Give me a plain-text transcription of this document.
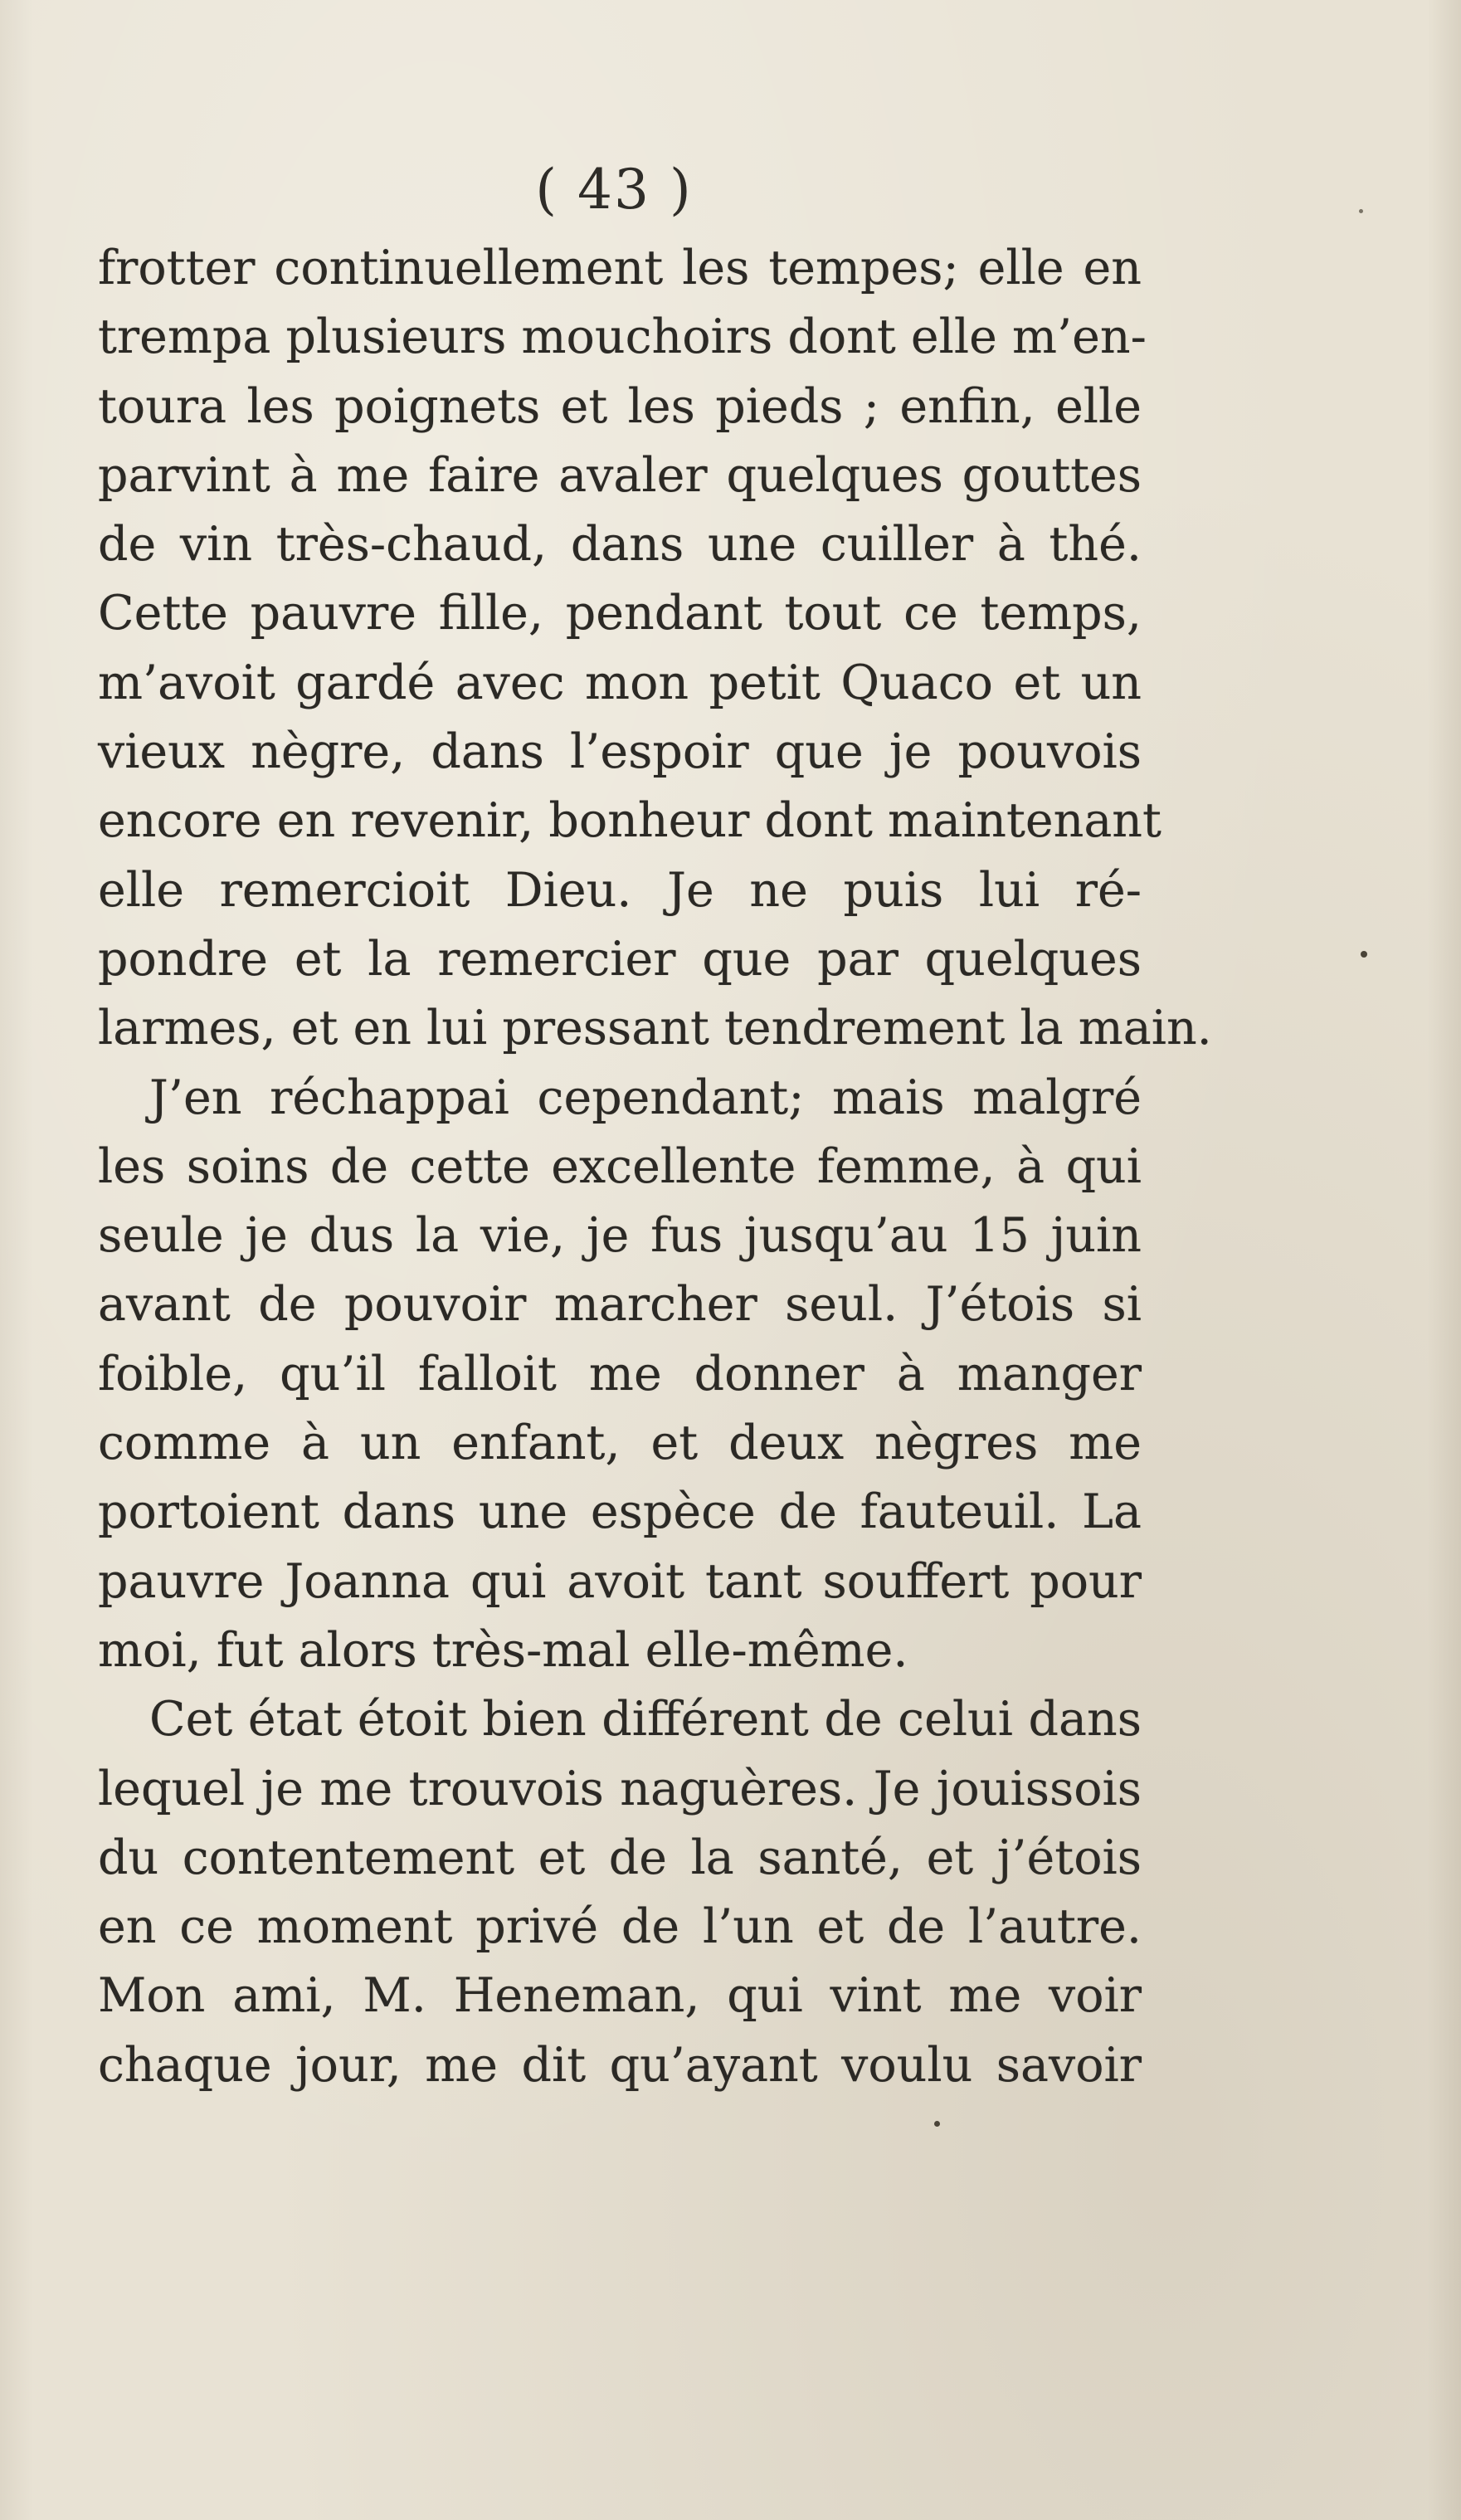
( 43 )
frotter continuellement les tempes; elle en
trempa plusieurs mouchoirs dont elle m’en-
toura les poignets et les pieds ; enfin, elle
parvint à me faire avaler quelques gouttes
de vin très-chaud, dans une cuiller à thé.
Cette pauvre fille, pendant tout ce temps,
m’avoit gardé avec mon petit Quaco et un
vieux nègre, dans l’espoir que je pouvois
encore en revenir, bonheur dont maintenant
elle remercioit Dieu. Je ne puis lui ré-
pondre et la remercier que par quelques
larmes, et en lui pressant tendrement la main.
J’en réchappai cependant; mais malgré
les soins de cette excellente femme, à qui
seule je dus la vie, je fus jusqu’au 15 juin
avant de pouvoir marcher seul. J’étois si
foible, qu’il falloit me donner à manger
comme à un enfant, et deux nègres me
portoient dans une espèce de fauteuil. La
pauvre Joanna qui avoit tant souffert pour
moi, fut alors très-mal elle-même.
Cet état étoit bien différent de celui dans
lequel je me trouvois naguères. Je jouissois
du contentement et de la santé, et j’étois
en ce moment privé de l’un et de l’autre.
Mon ami, M. Heneman, qui vint me voir
chaque jour, me dit qu’ayant voulu savoir
